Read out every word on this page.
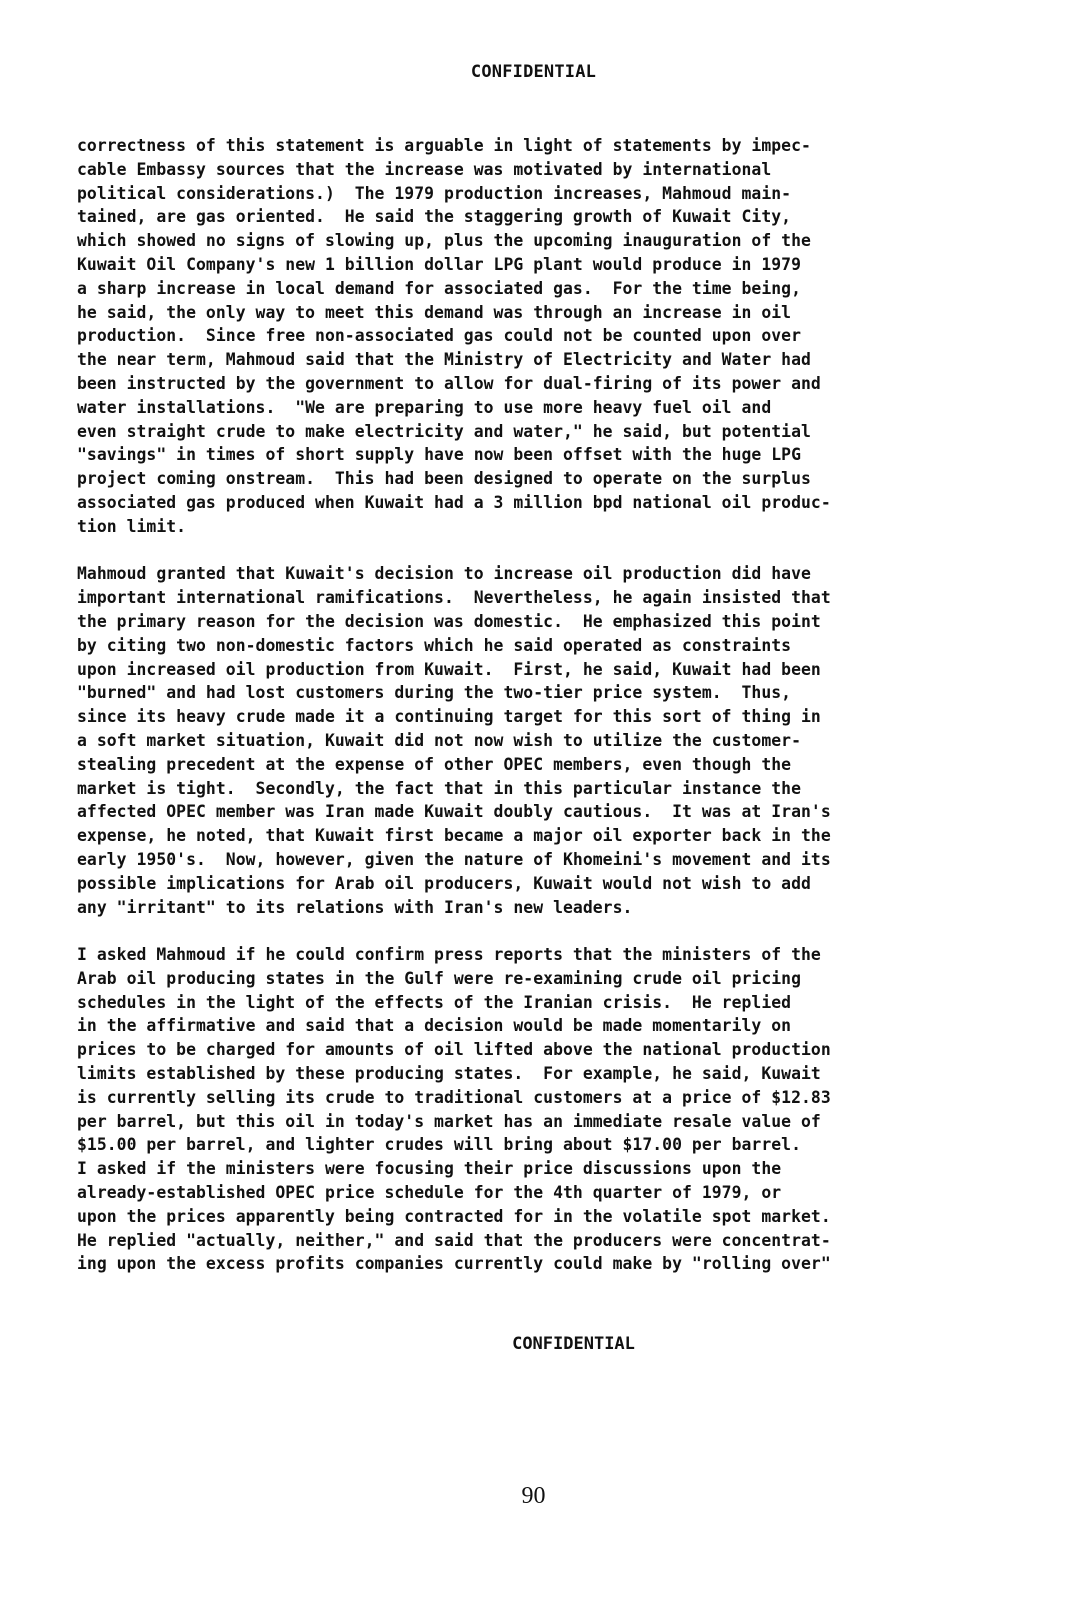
CONFIDENTIAL
correctness of this statement is arguable in light of statements by impec-
cable Embassy sources that the increase was motivated by international
political considerations.)  The 1979 production increases, Mahmoud main-
tained, are gas oriented.  He said the staggering growth of Kuwait City,
which showed no signs of slowing up, plus the upcoming inauguration of the
Kuwait Oil Company's new 1 billion dollar LPG plant would produce in 1979
a sharp increase in local demand for associated gas.  For the time being,
he said, the only way to meet this demand was through an increase in oil
production.  Since free non-associated gas could not be counted upon over
the near term, Mahmoud said that the Ministry of Electricity and Water had
been instructed by the government to allow for dual-firing of its power and
water installations.  "We are preparing to use more heavy fuel oil and
even straight crude to make electricity and water," he said, but potential
"savings" in times of short supply have now been offset with the huge LPG
project coming onstream.  This had been designed to operate on the surplus
associated gas produced when Kuwait had a 3 million bpd national oil produc-
tion limit.
Mahmoud granted that Kuwait's decision to increase oil production did have
important international ramifications.  Nevertheless, he again insisted that
the primary reason for the decision was domestic.  He emphasized this point
by citing two non-domestic factors which he said operated as constraints
upon increased oil production from Kuwait.  First, he said, Kuwait had been
"burned" and had lost customers during the two-tier price system.  Thus,
since its heavy crude made it a continuing target for this sort of thing in
a soft market situation, Kuwait did not now wish to utilize the customer-
stealing precedent at the expense of other OPEC members, even though the
market is tight.  Secondly, the fact that in this particular instance the
affected OPEC member was Iran made Kuwait doubly cautious.  It was at Iran's
expense, he noted, that Kuwait first became a major oil exporter back in the
early 1950's.  Now, however, given the nature of Khomeini's movement and its
possible implications for Arab oil producers, Kuwait would not wish to add
any "irritant" to its relations with Iran's new leaders.
I asked Mahmoud if he could confirm press reports that the ministers of the
Arab oil producing states in the Gulf were re-examining crude oil pricing
schedules in the light of the effects of the Iranian crisis.  He replied
in the affirmative and said that a decision would be made momentarily on
prices to be charged for amounts of oil lifted above the national production
limits established by these producing states.  For example, he said, Kuwait
is currently selling its crude to traditional customers at a price of $12.83
per barrel, but this oil in today's market has an immediate resale value of
$15.00 per barrel, and lighter crudes will bring about $17.00 per barrel.
I asked if the ministers were focusing their price discussions upon the
already-established OPEC price schedule for the 4th quarter of 1979, or
upon the prices apparently being contracted for in the volatile spot market.
He replied "actually, neither," and said that the producers were concentrat-
ing upon the excess profits companies currently could make by "rolling over"
CONFIDENTIAL
90
